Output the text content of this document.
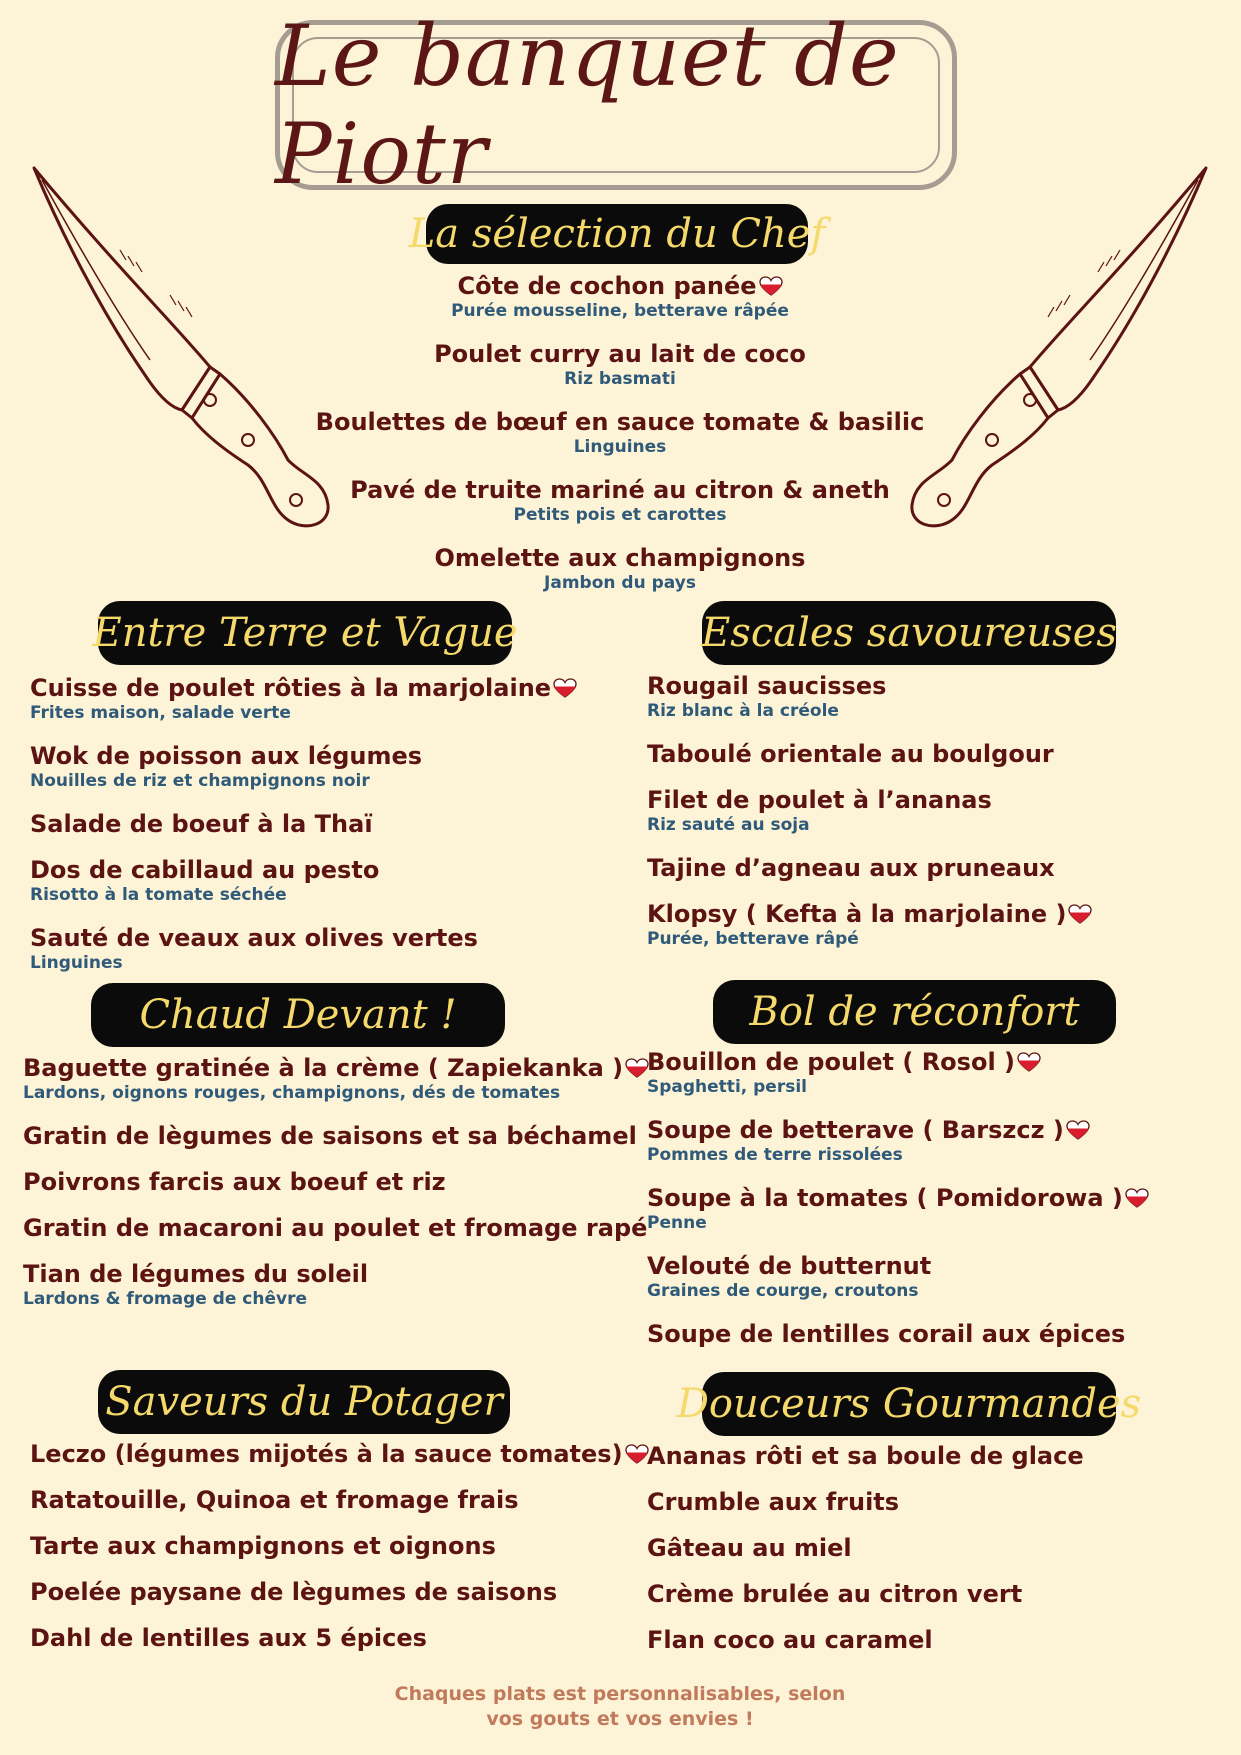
Le banquet de Piotr
La sélection du Chef
Entre Terre et Vague	Escales savoureuses
Chaud Devant !	Bol de réconfort
Saveurs du Potager	Douceurs Gourmandes
Côte de cochon panée
Purée mousseline, betterave râpée
Poulet curry au lait de coco
Riz basmati
Boulettes de bœuf en sauce tomate & basilic
Linguines
Pavé de truite mariné au citron & aneth
Petits pois et carottes
Omelette aux champignons
Jambon du pays
Cuisse de poulet rôties à la marjolaine
Frites maison, salade verte
Wok de poisson aux légumes
Nouilles de riz et champignons noir
Salade de boeuf à la Thaï
Dos de cabillaud au pesto
Risotto à la tomate séchée
Sauté de veaux aux olives vertes
Linguines
Rougail saucisses
Riz blanc à la créole
Taboulé orientale au boulgour
Filet de poulet à l’ananas
Riz sauté au soja
Tajine d’agneau aux pruneaux
Klopsy ( Kefta à la marjolaine )
Purée, betterave râpé
Baguette gratinée à la crème ( Zapiekanka )
Lardons, oignons rouges, champignons, dés de tomates
Gratin de lègumes de saisons et sa béchamel
Poivrons farcis aux boeuf et riz
Gratin de macaroni au poulet et fromage rapé
Tian de légumes du soleil
Lardons & fromage de chêvre
Bouillon de poulet ( Rosol )
Spaghetti, persil
Soupe de betterave ( Barszcz )
Pommes de terre rissolées
Soupe à la tomates ( Pomidorowa )
Penne
Velouté de butternut
Graines de courge, croutons
Soupe de lentilles corail aux épices
Leczo (légumes mijotés à la sauce tomates)
Ratatouille, Quinoa et fromage frais
Tarte aux champignons et oignons
Poelée paysane de lègumes de saisons
Dahl de lentilles aux 5 épices
Ananas rôti et sa boule de glace
Crumble aux fruits
Gâteau au miel
Crème brulée au citron vert
Flan coco au caramel
Chaques plats est personnalisables, selon
vos gouts et vos envies !
